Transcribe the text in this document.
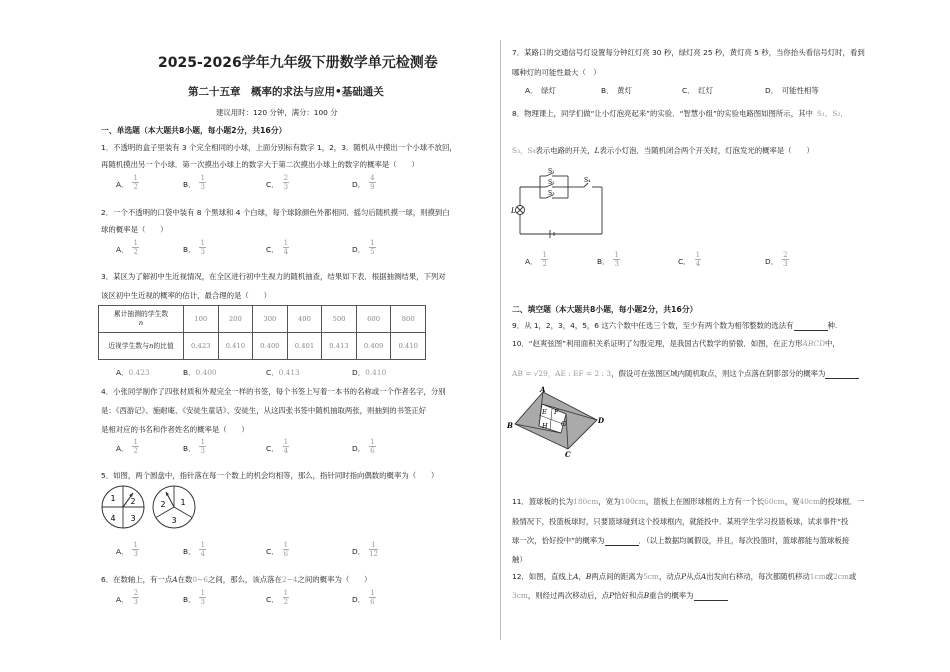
2025-2026学年九年级下册数学单元检测卷
第二十五章　概率的求法与应用•基础通关
建议用时：120 分钟，满分：100 分
一、单选题（本大题共8小题，每小题2分，共16分）
1．不透明的盒子里装有 3 个完全相同的小球，上面分别标有数字 1，2，3．随机从中摸出一个小球不放回，
再随机摸出另一个小球．第一次摸出小球上的数字大于第二次摸出小球上的数字的概率是（　　）
A． $\frac{1}{2}$	B． $\frac{1}{3}$	C． $\frac{2}{3}$	D． $\frac{4}{9}$
2．一个不透明的口袋中装有 8 个黑球和 4 个白球，每个球除颜色外都相同．摇匀后随机摸一球，则摸到白
球的概率是（　　）
A． $\frac{1}{2}$	B． $\frac{1}{3}$	C． $\frac{1}{4}$	D． $\frac{1}{5}$
3．某区为了解初中生近视情况，在全区进行初中生视力的随机抽查，结果如下表．根据抽测结果，下列对
该区初中生近视的概率的估计，最合理的是（　　）
累计抽测的学生数
n	100	200	300	400	500	600	800
近视学生数与n的比值	0.423	0.410	0.400	0.401	0.413	0.409	0.410
A．0.423	B．0.400	C．0.413	D．0.410
4．小张同学制作了四张材质和外观完全一样的书签，每个书签上写着一本书的名称或一个作者名字，分别
是：《西游记》、施耐庵、《安徒生童话》、安徒生，从这四张书签中随机抽取两张，则抽到的书签正好
是相对应的书名和作者姓名的概率是（　　）
A． $\frac{1}{2}$	B． $\frac{1}{3}$	C． $\frac{1}{4}$	D． $\frac{1}{6}$
5．如图，两个圆盘中，指针落在每一个数上的机会均相等，那么，指针同时指向偶数的概率为（　　）
1 2
3
4
2 1
3
A． $\frac{1}{3}$	B． $\frac{1}{4}$	C． $\frac{1}{6}$	D． $\frac{1}{12}$
6．在数轴上，有一点A在数0~6之间，那么，该点落在2~4之间的概率为（　　）
A． $\frac{2}{3}$	B． $\frac{1}{3}$	C． $\frac{1}{2}$	D． $\frac{1}{6}$
7．某路口的交通信号灯设置每分钟红灯亮 30 秒，绿灯亮 25 秒，黄灯亮 5 秒，当你抬头看信号灯时，看到
哪种灯的可能性最大（　）
A．　绿灯	B．　黄灯	C．　红灯	D．　可能性相等
8．物理课上，同学们做“让小灯泡亮起来”的实验．“智慧小组”的实验电路图如图所示，其中 S₁，S₂，
S₃，S₄表示电路的开关，L表示小灯泡．当随机闭合两个开关时，灯泡发光的概率是（　　）
S₁
S₂
S₃
S₄
L
A． $\frac{1}{2}$	B． $\frac{1}{3}$	C． $\frac{1}{4}$	D． $\frac{2}{3}$
二、填空题（本大题共8小题，每小题2分，共16分）
9．从 1，2，3，4，5，6 这六个数中任选三个数，至少有两个数为相邻整数的选法有	种.
10．“赵爽弦图”利用面积关系证明了勾股定理，是我国古代数学的骄傲．如图，在正方形ABCD中，
AB = √29，AE : EF = 2 : 3，假设可在弦图区域内随机取点，则这个点落在阴影部分的概率为
A
B
C
D
E F
G
H
11．篮球板的长为180cm，宽为100cm，篮板上在圆形球框的上方有一个长60cm，宽40cm的投球框．一
般情况下，投篮板球时，只要篮球碰到这个投球框内，就能投中．某班学生学习投篮板球，试求事件“投
球一次，恰好投中”的概率为	．（以上数据均属假设，并且，每次投篮时，篮球都能与篮球板接
触）
12．如图，直线上A，B两点间的距离为5cm，动点P从点A出发向右移动，每次都随机移动1cm或2cm或
3cm，则经过两次移动后，点P恰好和点B重合的概率为
